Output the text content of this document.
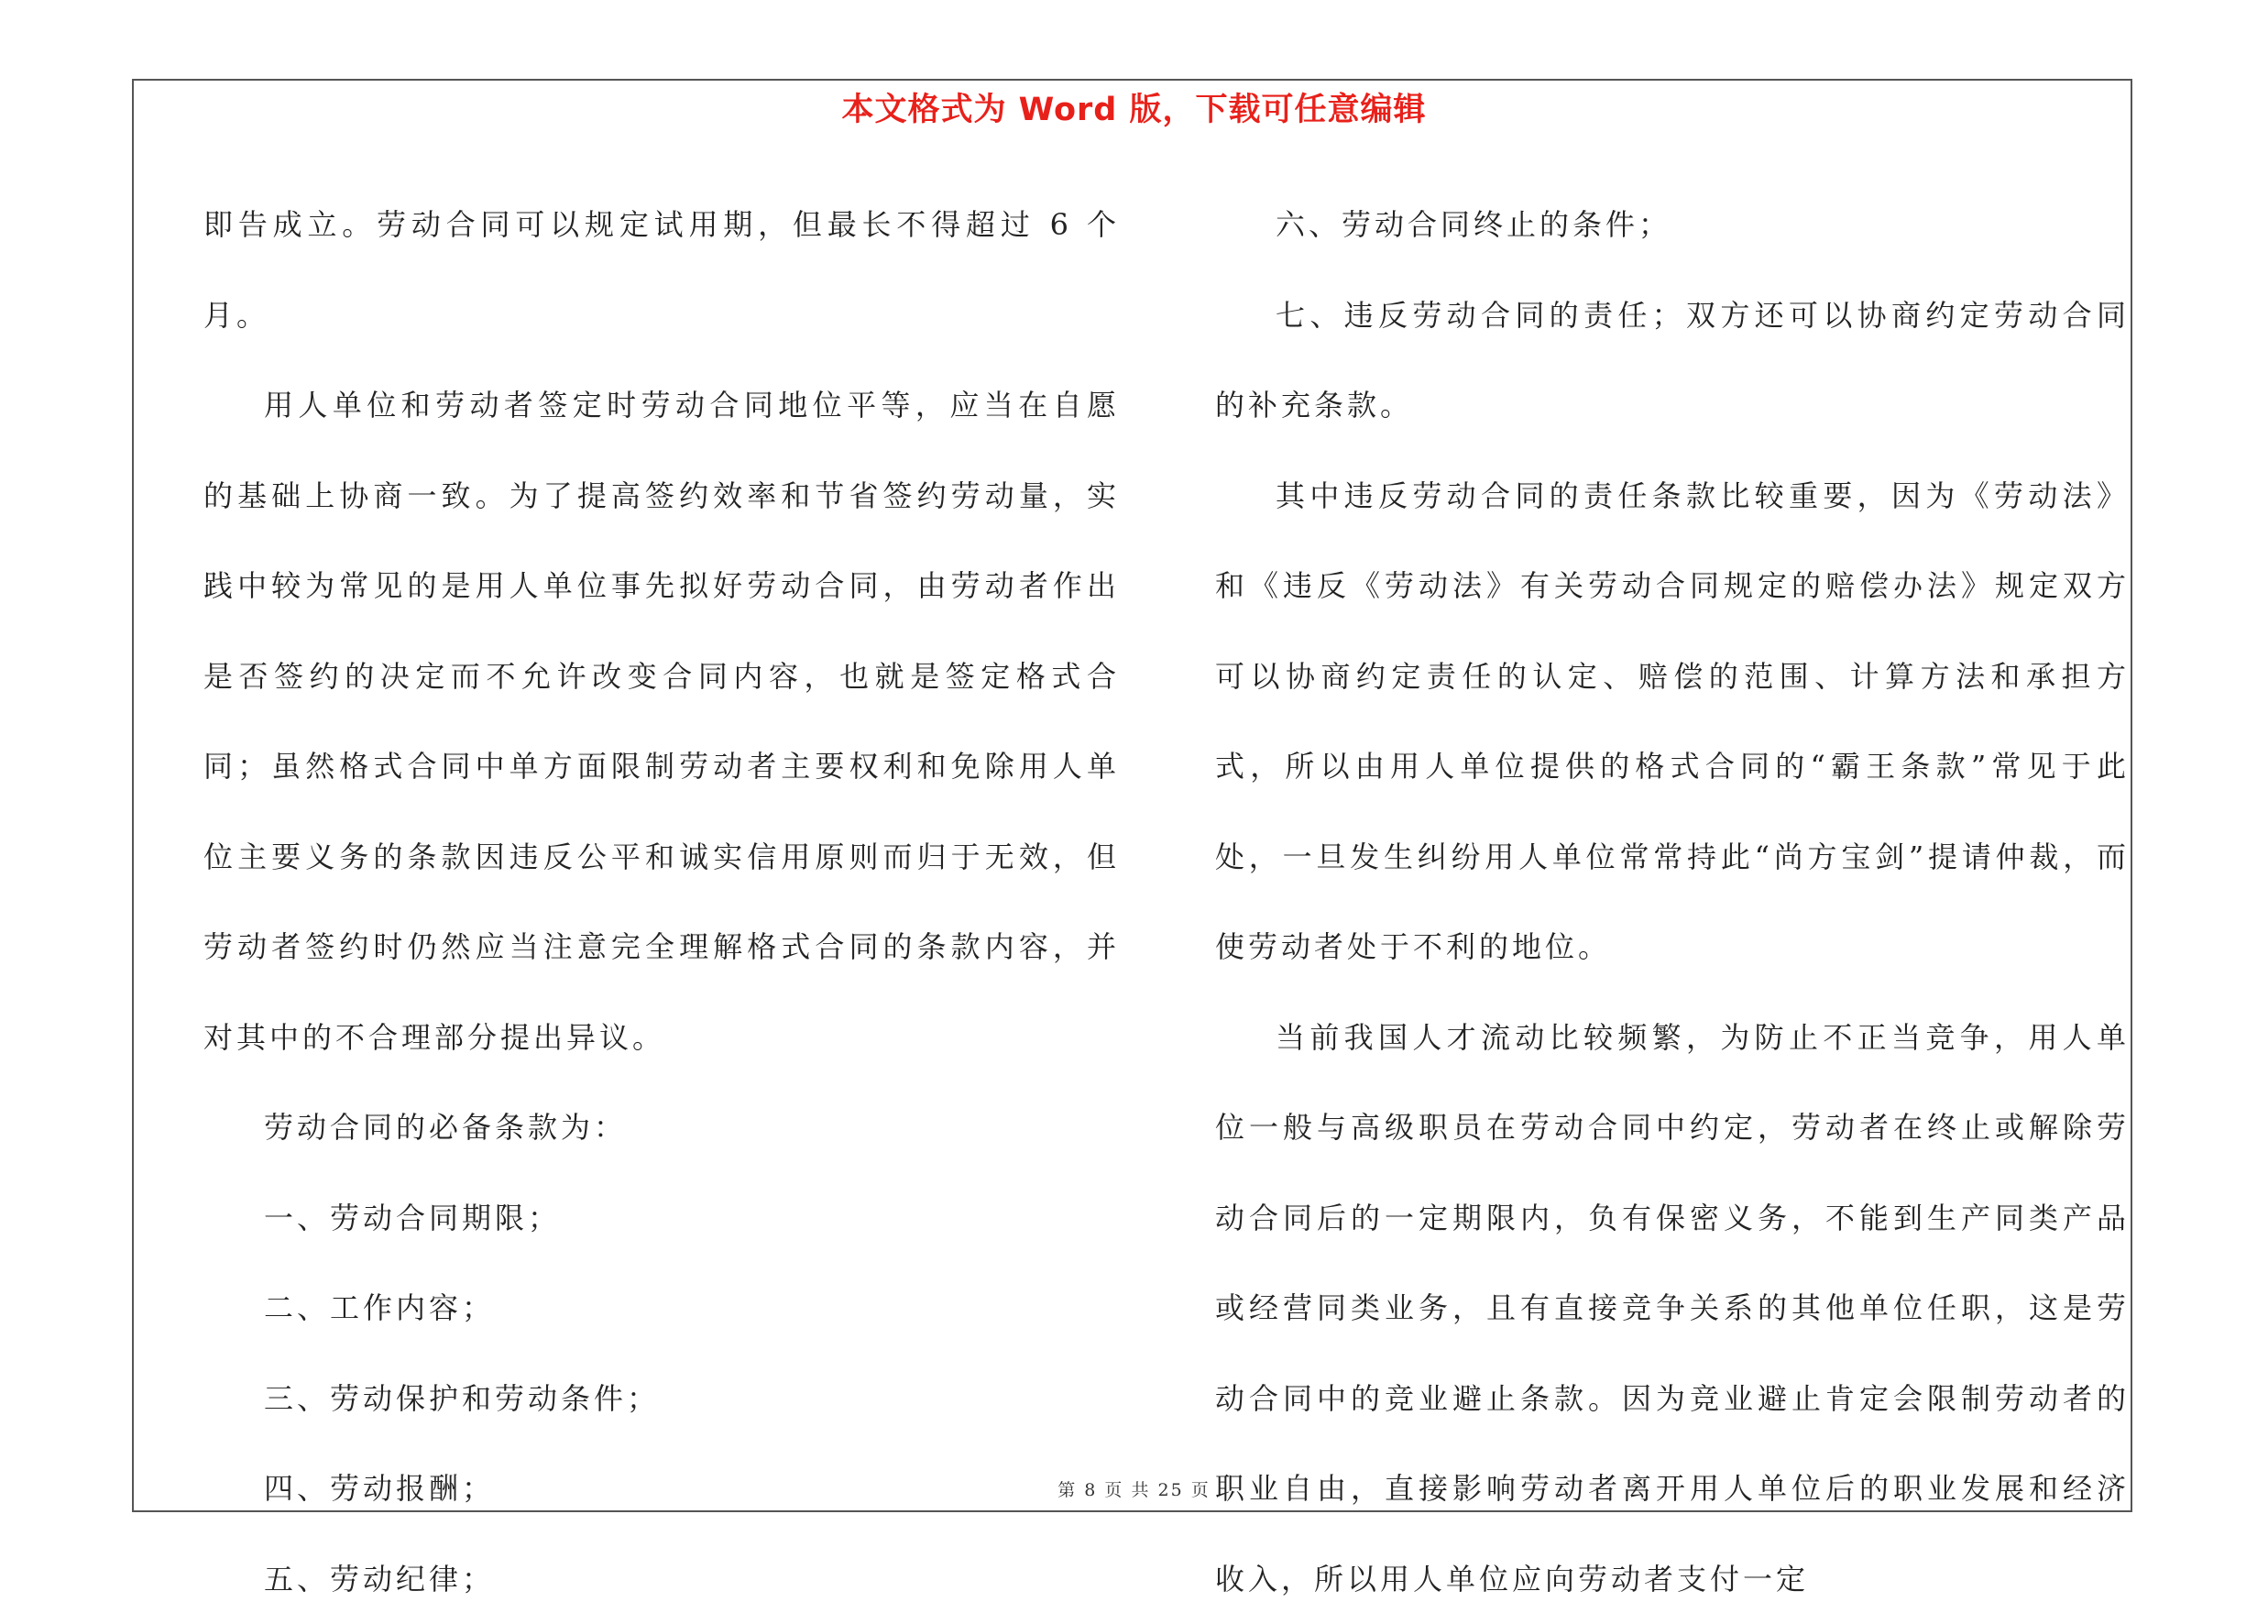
本文格式为 Word 版，下载可任意编辑

即告成立。劳动合同可以规定试用期，但最长不得超过 6 个月。

用人单位和劳动者签定时劳动合同地位平等，应当在自愿的基础上协商一致。为了提高签约效率和节省签约劳动量，实践中较为常见的是用人单位事先拟好劳动合同，由劳动者作出是否签约的决定而不允许改变合同内容，也就是签定格式合同；虽然格式合同中单方面限制劳动者主要权利和免除用人单位主要义务的条款因违反公平和诚实信用原则而归于无效，但劳动者签约时仍然应当注意完全理解格式合同的条款内容，并对其中的不合理部分提出异议。

劳动合同的必备条款为：

一、劳动合同期限；

二、工作内容；

三、劳动保护和劳动条件；

四、劳动报酬；

五、劳动纪律；

六、劳动合同终止的条件；

七、违反劳动合同的责任；双方还可以协商约定劳动合同的补充条款。

其中违反劳动合同的责任条款比较重要，因为《劳动法》和《违反《劳动法》有关劳动合同规定的赔偿办法》规定双方可以协商约定责任的认定、赔偿的范围、计算方法和承担方式，所以由用人单位提供的格式合同的“霸王条款”常见于此处，一旦发生纠纷用人单位常常持此“尚方宝剑”提请仲裁，而使劳动者处于不利的地位。

当前我国人才流动比较频繁，为防止不正当竞争，用人单位一般与高级职员在劳动合同中约定，劳动者在终止或解除劳动合同后的一定期限内，负有保密义务，不能到生产同类产品或经营同类业务，且有直接竞争关系的其他单位任职，这是劳动合同中的竞业避止条款。因为竞业避止肯定会限制劳动者的职业自由，直接影响劳动者离开用人单位后的职业发展和经济收入，所以用人单位应向劳动者支付一定

第 8 页 共 25 页
